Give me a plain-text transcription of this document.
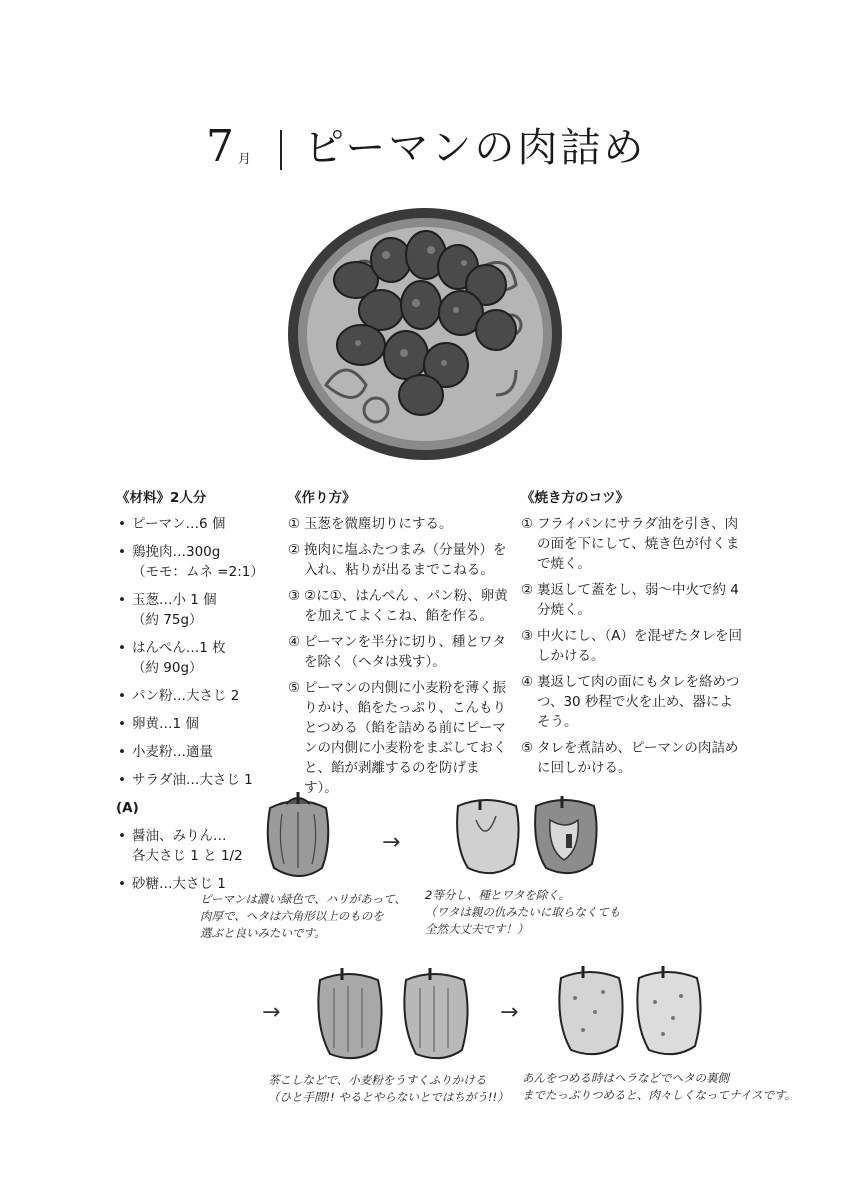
7 月 ピーマンの肉詰め
《材料》2人分
• ピーマン…6 個
• 鶏挽肉…300g
（モモ：ムネ =2:1）
• 玉葱…小 1 個
（約 75g）
• はんぺん…1 枚
（約 90g）
• パン粉…大さじ 2
• 卵黄…1 個
• 小麦粉…適量
• サラダ油…大さじ 1
(A)
• 醤油、みりん…
各大さじ 1 と 1/2
• 砂糖…大さじ 1
《作り方》
① 玉葱を微塵切りにする。
② 挽肉に塩ふたつまみ（分量外）を入れ、粘りが出るまでこねる。
③ ②に①、はんぺん 、パン粉、卵黄を加えてよくこね、餡を作る。
④ ピーマンを半分に切り、種とワタを除く（ヘタは残す）。
⑤ ピーマンの内側に小麦粉を薄く振りかけ、餡をたっぷり、こんもりとつめる（餡を詰める前にピーマンの内側に小麦粉をまぶしておくと、餡が剥離するのを防げます）。
《焼き方のコツ》
① フライパンにサラダ油を引き、肉の面を下にして、焼き色が付くまで焼く。
② 裏返して蓋をし、弱～中火で約 4 分焼く。
③ 中火にし、（A）を混ぜたタレを回しかける。
④ 裏返して肉の面にもタレを絡めつつ、30 秒程で火を止め、器によそう。
⑤ タレを煮詰め、ピーマンの肉詰めに回しかける。
→
ピーマンは濃い緑色で、ハリがあって、
肉厚で、ヘタは六角形以上のものを
選ぶと良いみたいです。
2等分し、種とワタを除く。
（ワタは親の仇みたいに取らなくても
全然大丈夫です！）
→	→
茶こしなどで、小麦粉をうすくふりかける
（ひと手間!! やるとやらないとではちがう!!）
あんをつめる時はヘラなどでヘタの裏側
までたっぷりつめると、肉々しくなってナイスです。
